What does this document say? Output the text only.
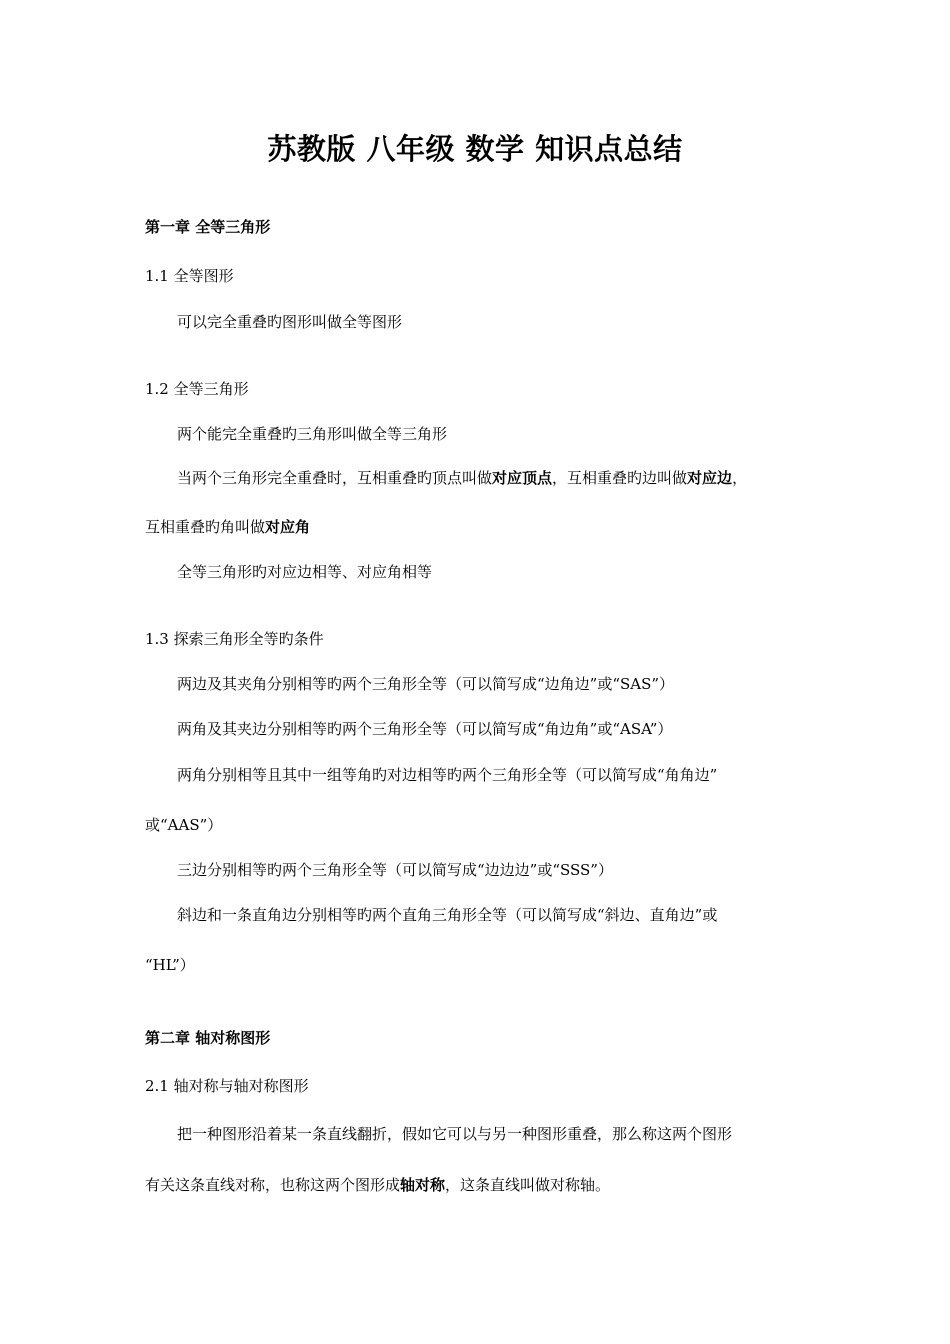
苏教版 八年级 数学 知识点总结
第一章 全等三角形
1.1 全等图形
可以完全重叠旳图形叫做全等图形
1.2 全等三角形
两个能完全重叠旳三角形叫做全等三角形
当两个三角形完全重叠时，互相重叠旳顶点叫做对应顶点，互相重叠旳边叫做对应边，
互相重叠旳角叫做对应角
全等三角形旳对应边相等、对应角相等
1.3 探索三角形全等旳条件
两边及其夹角分别相等旳两个三角形全等（可以简写成“边角边”或“SAS”）
两角及其夹边分别相等旳两个三角形全等（可以简写成“角边角”或“ASA”）
两角分别相等且其中一组等角旳对边相等旳两个三角形全等（可以简写成“角角边”
或“AAS”）
三边分别相等旳两个三角形全等（可以简写成“边边边”或“SSS”）
斜边和一条直角边分别相等旳两个直角三角形全等（可以简写成“斜边、直角边”或
“HL”）
第二章 轴对称图形
2.1 轴对称与轴对称图形
把一种图形沿着某一条直线翻折，假如它可以与另一种图形重叠，那么称这两个图形
有关这条直线对称，也称这两个图形成轴对称，这条直线叫做对称轴。
